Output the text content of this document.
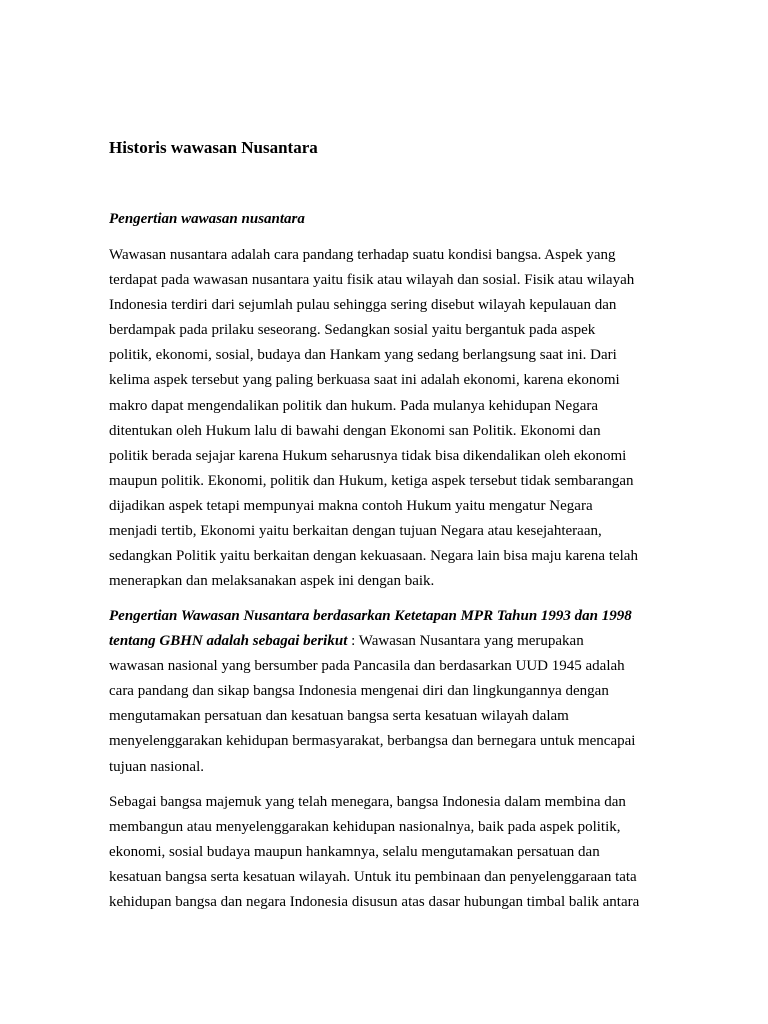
Historis wawasan Nusantara
Pengertian wawasan nusantara

Wawasan nusantara adalah cara pandang terhadap suatu kondisi bangsa. Aspek yang
terdapat pada wawasan nusantara yaitu fisik atau wilayah dan sosial. Fisik atau wilayah
Indonesia terdiri dari sejumlah pulau sehingga sering disebut wilayah kepulauan dan
berdampak pada prilaku seseorang. Sedangkan sosial yaitu bergantuk pada aspek
politik, ekonomi, sosial, budaya dan Hankam yang sedang berlangsung saat ini. Dari
kelima aspek tersebut yang paling berkuasa saat ini adalah ekonomi, karena ekonomi
makro dapat mengendalikan politik dan hukum. Pada mulanya kehidupan Negara
ditentukan oleh Hukum lalu di bawahi dengan Ekonomi san Politik. Ekonomi dan
politik berada sejajar karena Hukum seharusnya tidak bisa dikendalikan oleh ekonomi
maupun politik. Ekonomi, politik dan Hukum, ketiga aspek tersebut tidak sembarangan
dijadikan aspek tetapi mempunyai makna contoh Hukum yaitu mengatur Negara
menjadi tertib, Ekonomi yaitu berkaitan dengan tujuan Negara atau kesejahteraan,
sedangkan Politik yaitu berkaitan dengan kekuasaan. Negara lain bisa maju karena telah
menerapkan dan melaksanakan aspek ini dengan baik.

Pengertian Wawasan Nusantara berdasarkan Ketetapan MPR Tahun 1993 dan 1998
tentang GBHN adalah sebagai berikut : Wawasan Nusantara yang merupakan
wawasan nasional yang bersumber pada Pancasila dan berdasarkan UUD 1945 adalah
cara pandang dan sikap bangsa Indonesia mengenai diri dan lingkungannya dengan
mengutamakan persatuan dan kesatuan bangsa serta kesatuan wilayah dalam
menyelenggarakan kehidupan bermasyarakat, berbangsa dan bernegara untuk mencapai
tujuan nasional.

Sebagai bangsa majemuk yang telah menegara, bangsa Indonesia dalam membina dan
membangun atau menyelenggarakan kehidupan nasionalnya, baik pada aspek politik,
ekonomi, sosial budaya maupun hankamnya, selalu mengutamakan persatuan dan
kesatuan bangsa serta kesatuan wilayah. Untuk itu pembinaan dan penyelenggaraan tata
kehidupan bangsa dan negara Indonesia disusun atas dasar hubungan timbal balik antara
